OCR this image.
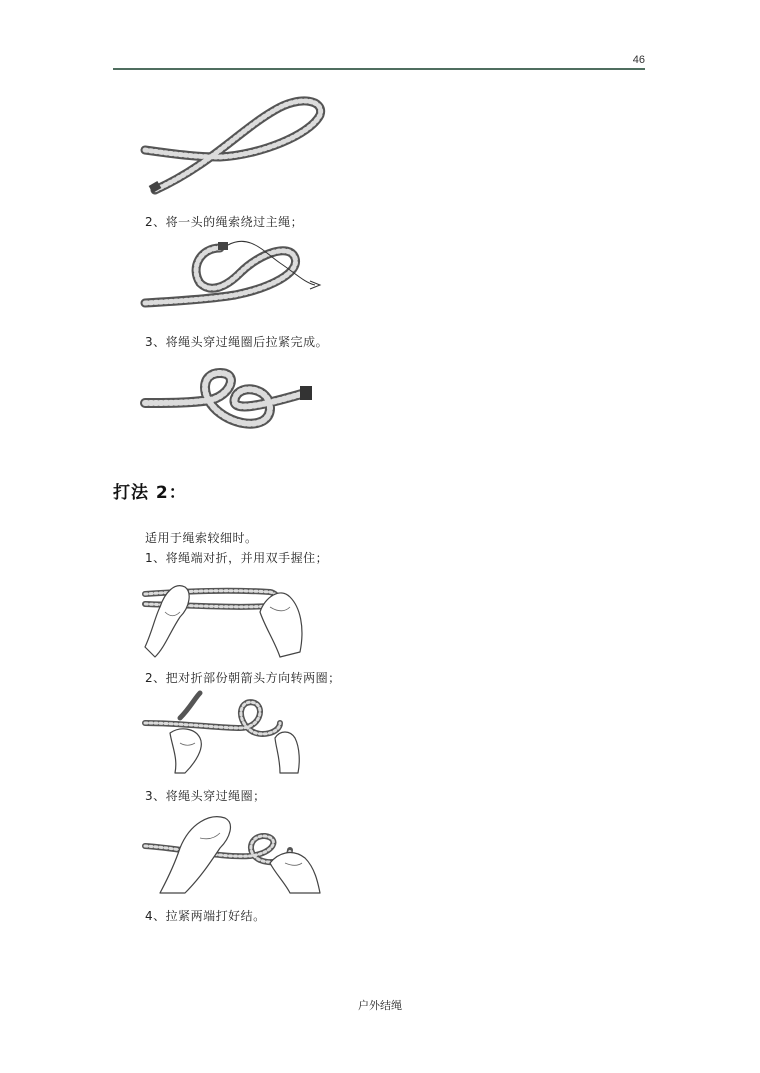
46
2、将一头的绳索绕过主绳；
3、将绳头穿过绳圈后拉紧完成。
打法 2：
适用于绳索较细时。
1、将绳端对折，并用双手握住；
2、把对折部份朝箭头方向转两圈；
3、将绳头穿过绳圈；
4、拉紧两端打好结。
户外结绳
